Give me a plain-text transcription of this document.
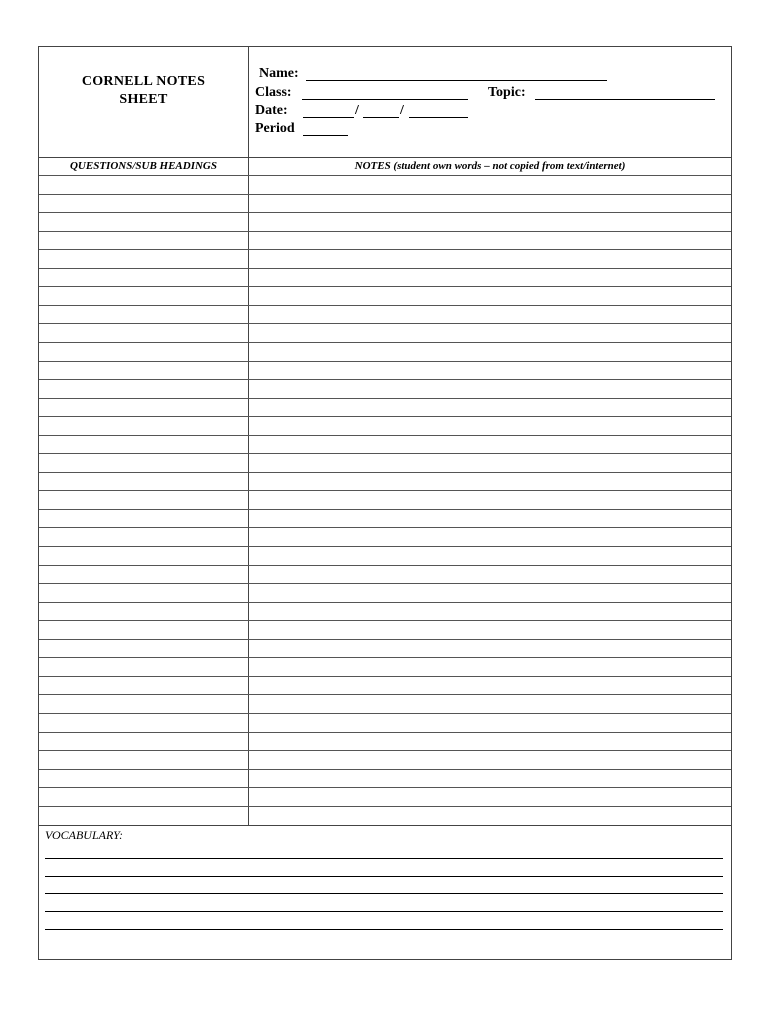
CORNELL NOTES
SHEET
Name:
Class:	Topic:
Date:	/	/
Period
QUESTIONS/SUB HEADINGS	NOTES (student own words – not copied from text/internet)
VOCABULARY:
